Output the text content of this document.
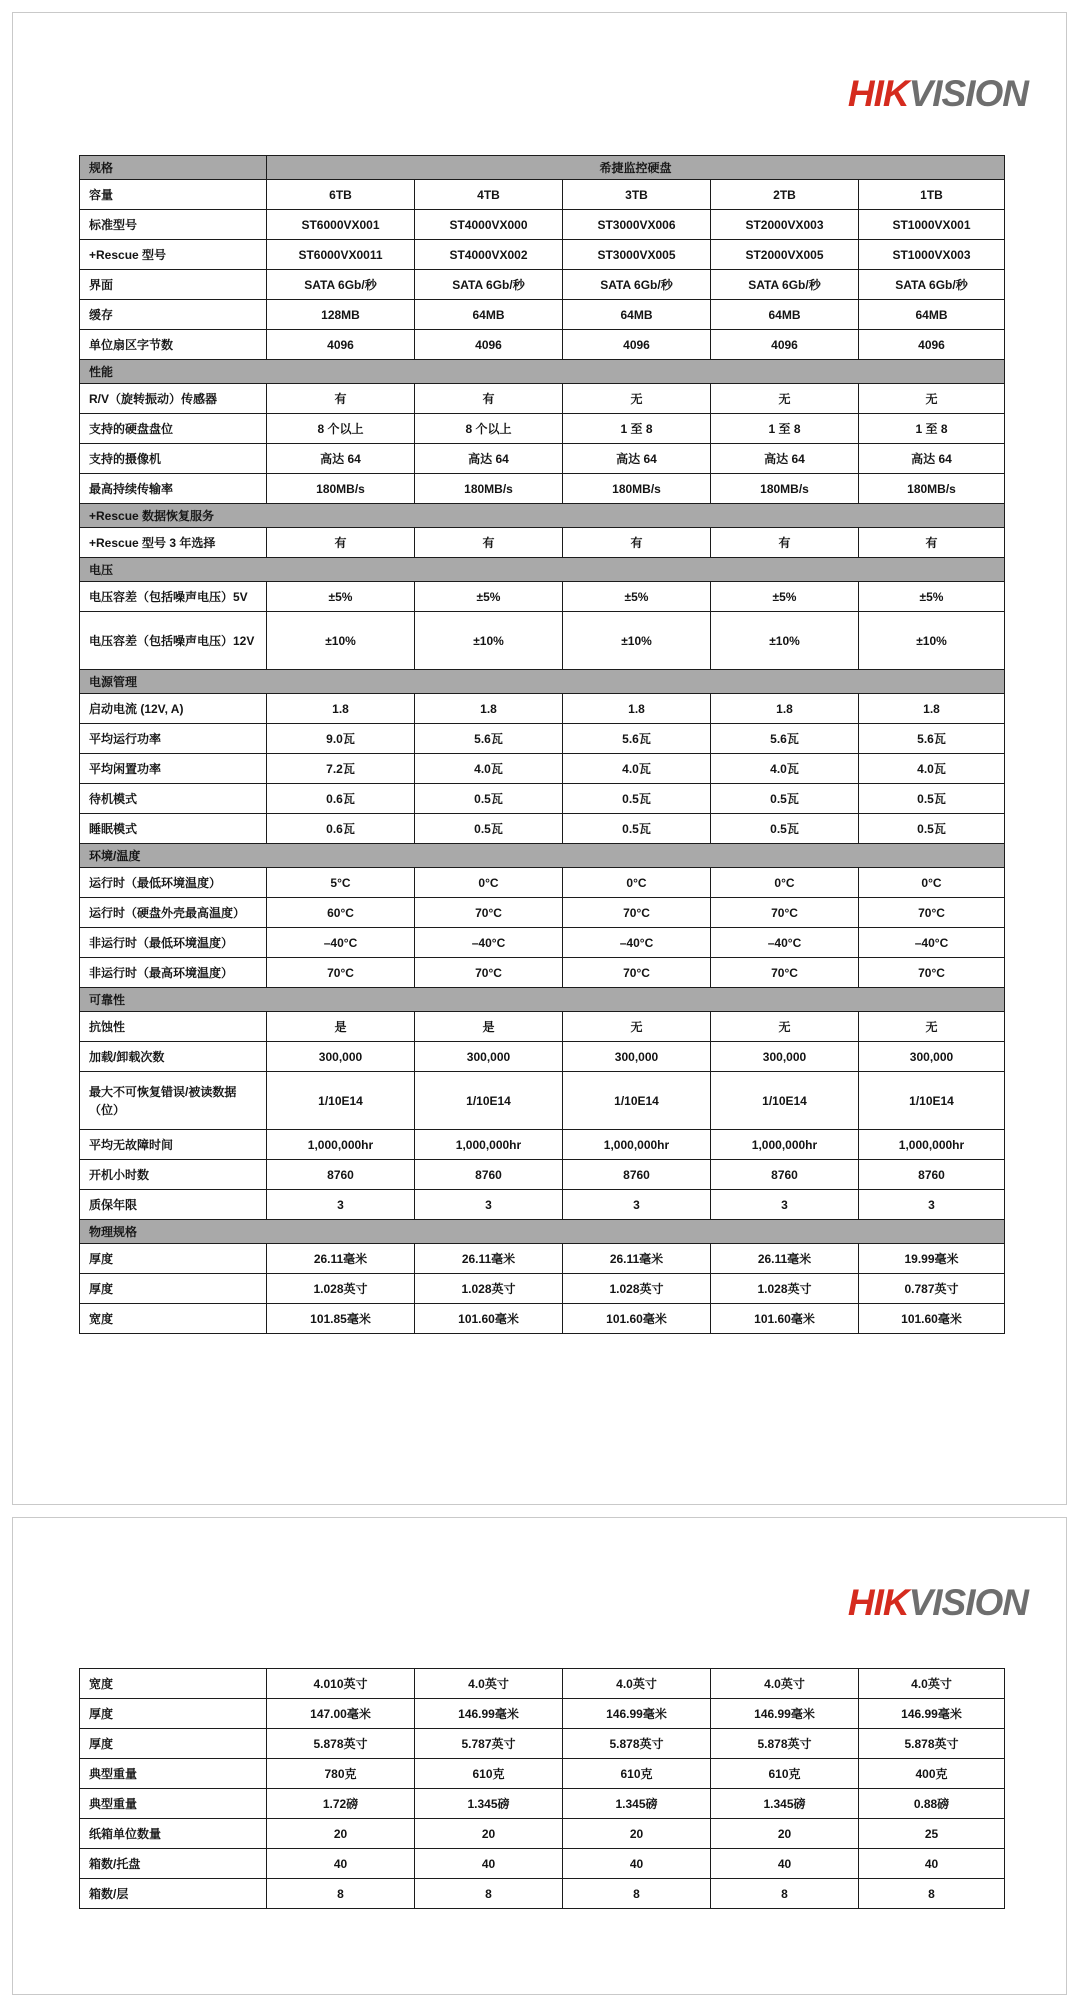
HIKVISION
规格	希捷监控硬盘				
容量	6TB	4TB	3TB	2TB	1TB
标准型号	ST6000VX001	ST4000VX000	ST3000VX006	ST2000VX003	ST1000VX001
+Rescue 型号	ST6000VX0011	ST4000VX002	ST3000VX005	ST2000VX005	ST1000VX003
界面	SATA 6Gb/秒	SATA 6Gb/秒	SATA 6Gb/秒	SATA 6Gb/秒	SATA 6Gb/秒
缓存	128MB	64MB	64MB	64MB	64MB
单位扇区字节数	4096	4096	4096	4096	4096
性能					
R/V（旋转振动）传感器	有	有	无	无	无
支持的硬盘盘位	8 个以上	8 个以上	1 至 8	1 至 8	1 至 8
支持的摄像机	高达 64	高达 64	高达 64	高达 64	高达 64
最高持续传输率	180MB/s	180MB/s	180MB/s	180MB/s	180MB/s
+Rescue 数据恢复服务					
+Rescue 型号 3 年选择	有	有	有	有	有
电压					
电压容差（包括噪声电压）5V	±5%	±5%	±5%	±5%	±5%
电压容差（包括噪声电压）12V	±10%	±10%	±10%	±10%	±10%
电源管理					
启动电流 (12V, A)	1.8	1.8	1.8	1.8	1.8
平均运行功率	9.0瓦	5.6瓦	5.6瓦	5.6瓦	5.6瓦
平均闲置功率	7.2瓦	4.0瓦	4.0瓦	4.0瓦	4.0瓦
待机模式	0.6瓦	0.5瓦	0.5瓦	0.5瓦	0.5瓦
睡眠模式	0.6瓦	0.5瓦	0.5瓦	0.5瓦	0.5瓦
环境/温度					
运行时（最低环境温度）	5°C	0°C	0°C	0°C	0°C
运行时（硬盘外壳最高温度）	60°C	70°C	70°C	70°C	70°C
非运行时（最低环境温度）	–40°C	–40°C	–40°C	–40°C	–40°C
非运行时（最高环境温度）	70°C	70°C	70°C	70°C	70°C
可靠性					
抗蚀性	是	是	无	无	无
加载/卸载次数	300,000	300,000	300,000	300,000	300,000
最大不可恢复错误/被读数据（位）	1/10E14	1/10E14	1/10E14	1/10E14	1/10E14
平均无故障时间	1,000,000hr	1,000,000hr	1,000,000hr	1,000,000hr	1,000,000hr
开机小时数	8760	8760	8760	8760	8760
质保年限	3	3	3	3	3
物理规格					
厚度	26.11毫米	26.11毫米	26.11毫米	26.11毫米	19.99毫米
厚度	1.028英寸	1.028英寸	1.028英寸	1.028英寸	0.787英寸
宽度	101.85毫米	101.60毫米	101.60毫米	101.60毫米	101.60毫米
HIKVISION
宽度	4.010英寸	4.0英寸	4.0英寸	4.0英寸	4.0英寸
厚度	147.00毫米	146.99毫米	146.99毫米	146.99毫米	146.99毫米
厚度	5.878英寸	5.787英寸	5.878英寸	5.878英寸	5.878英寸
典型重量	780克	610克	610克	610克	400克
典型重量	1.72磅	1.345磅	1.345磅	1.345磅	0.88磅
纸箱单位数量	20	20	20	20	25
箱数/托盘	40	40	40	40	40
箱数/层	8	8	8	8	8
